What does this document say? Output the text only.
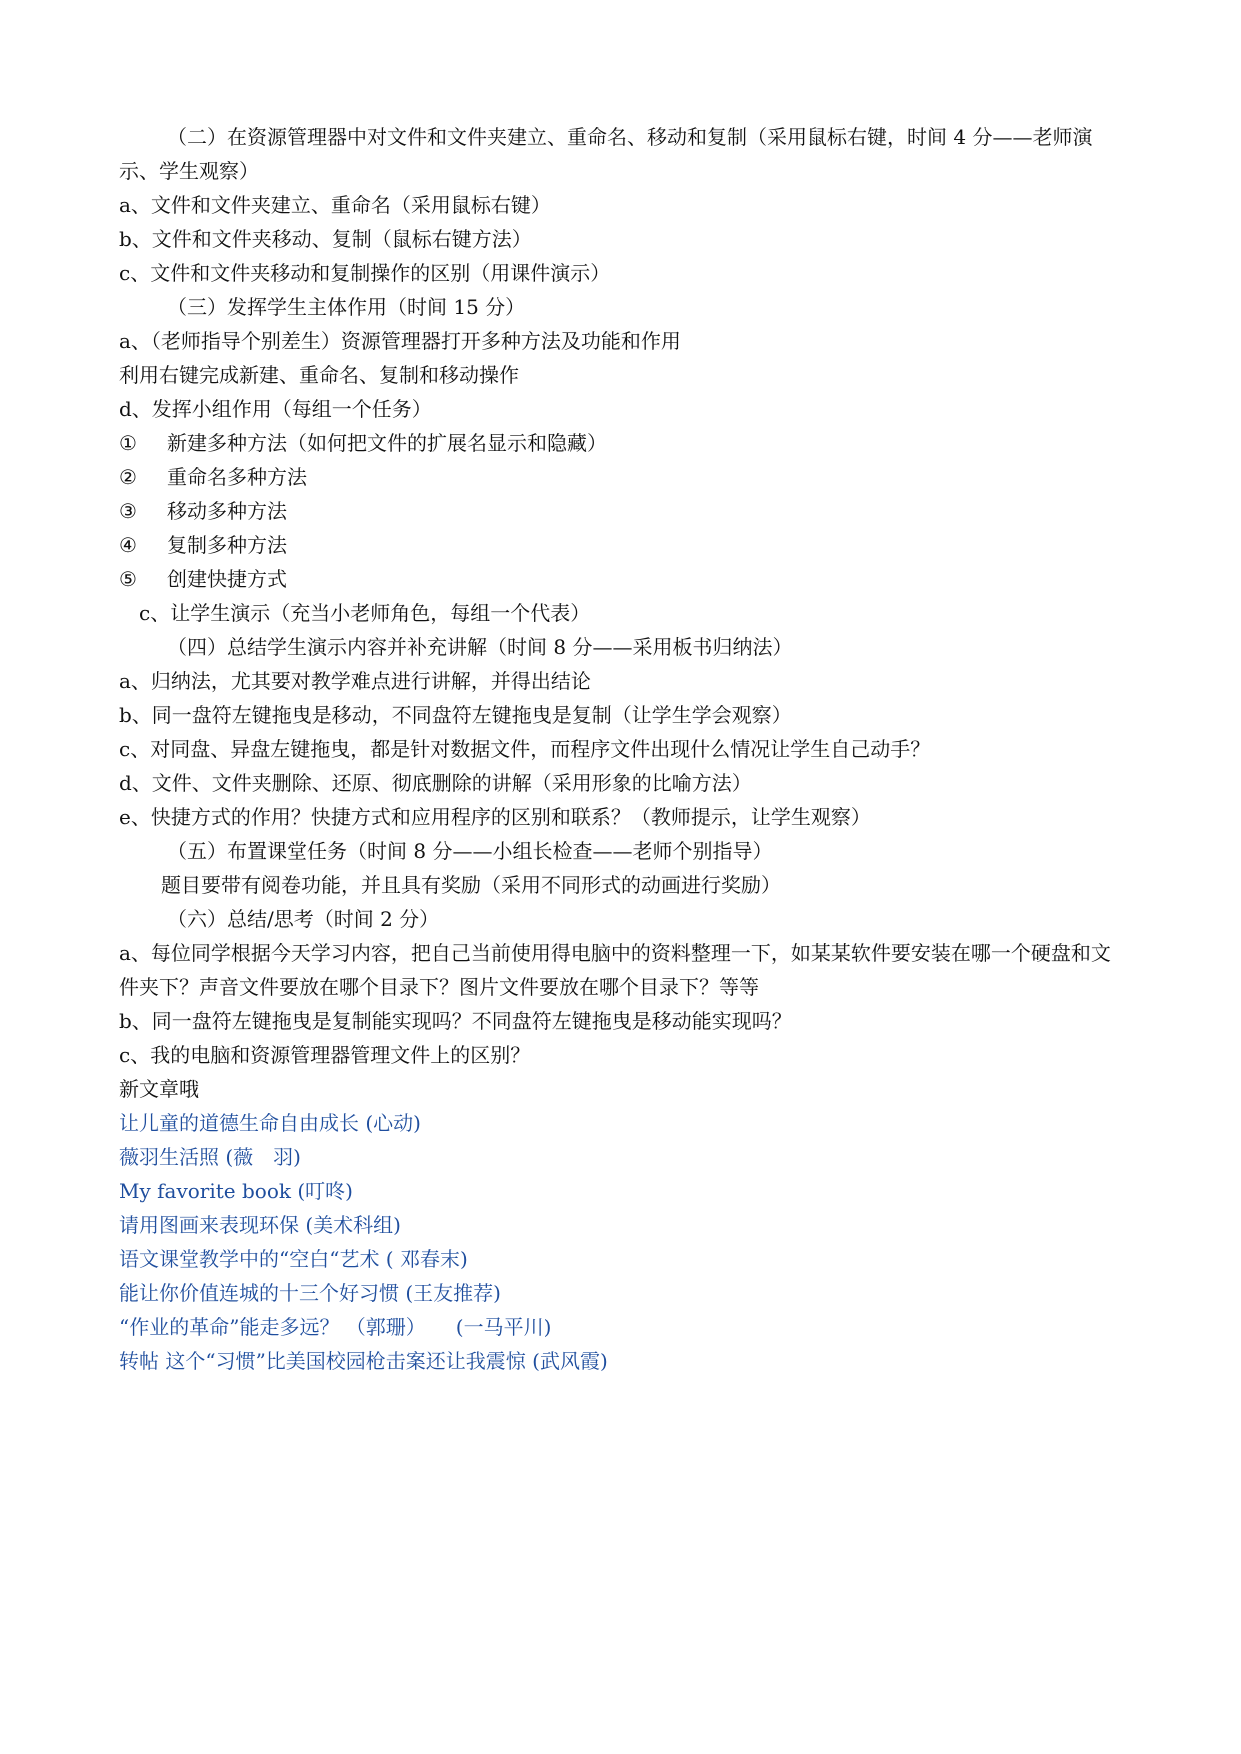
（二）在资源管理器中对文件和文件夹建立、重命名、移动和复制（采用鼠标右键，时间 4 分——老师演示、学生观察）
a、文件和文件夹建立、重命名（采用鼠标右键）
b、文件和文件夹移动、复制（鼠标右键方法）
c、文件和文件夹移动和复制操作的区别（用课件演示）
（三）发挥学生主体作用（时间 15 分）
a、（老师指导个别差生）资源管理器打开多种方法及功能和作用
利用右键完成新建、重命名、复制和移动操作
d、发挥小组作用（每组一个任务）
① 新建多种方法（如何把文件的扩展名显示和隐藏）
② 重命名多种方法
③ 移动多种方法
④ 复制多种方法
⑤ 创建快捷方式
c、让学生演示（充当小老师角色，每组一个代表）
（四）总结学生演示内容并补充讲解（时间 8 分——采用板书归纳法）
a、归纳法，尤其要对教学难点进行讲解，并得出结论
b、同一盘符左键拖曳是移动，不同盘符左键拖曳是复制（让学生学会观察）
c、对同盘、异盘左键拖曳，都是针对数据文件，而程序文件出现什么情况让学生自己动手？
d、文件、文件夹删除、还原、彻底删除的讲解（采用形象的比喻方法）
e、快捷方式的作用？快捷方式和应用程序的区别和联系？（教师提示，让学生观察）
（五）布置课堂任务（时间 8 分——小组长检查——老师个别指导）
题目要带有阅卷功能，并且具有奖励（采用不同形式的动画进行奖励）
（六）总结/思考（时间 2 分）
a、每位同学根据今天学习内容，把自己当前使用得电脑中的资料整理一下，如某某软件要安装在哪一个硬盘和文件夹下？声音文件要放在哪个目录下？图片文件要放在哪个目录下？等等
b、同一盘符左键拖曳是复制能实现吗？不同盘符左键拖曳是移动能实现吗？
c、我的电脑和资源管理器管理文件上的区别？
新文章哦
让儿童的道德生命自由成长 (心动)
薇羽生活照 (薇　羽)
My favorite book (叮咚)
请用图画来表现环保 (美术科组)
语文课堂教学中的“空白“艺术 ( 邓春末)
能让你价值连城的十三个好习惯 (王友推荐)
“作业的革命”能走多远？ （郭珊）　　(一马平川)
转帖 这个“习惯”比美国校园枪击案还让我震惊 (武风霞)
